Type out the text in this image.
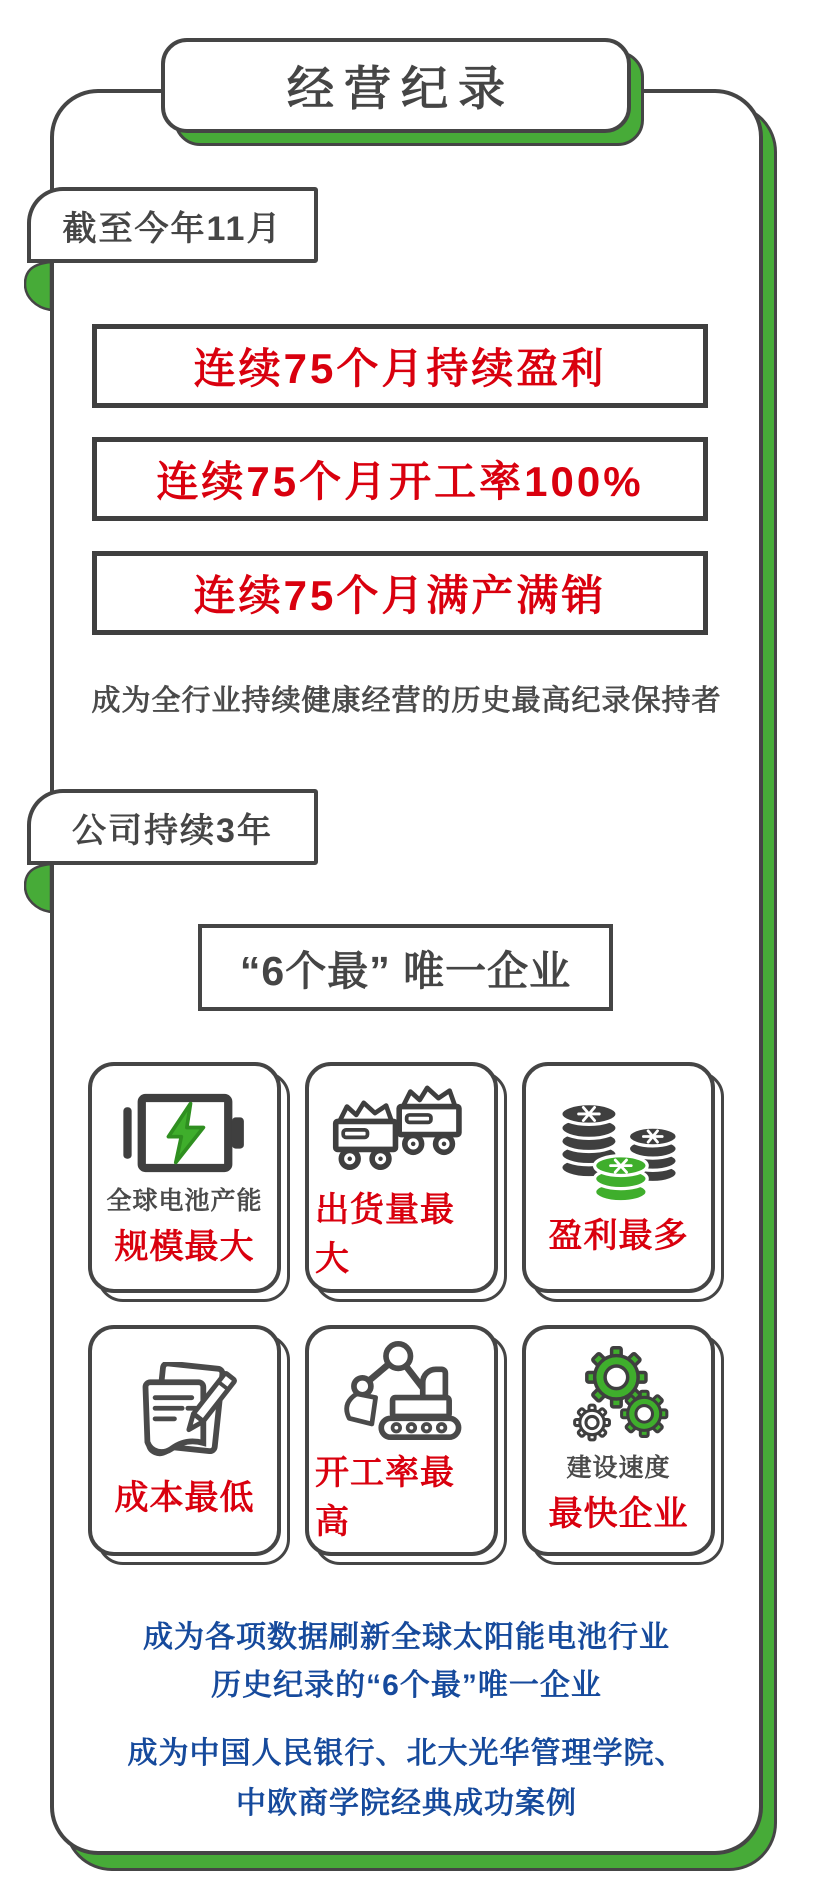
经营纪录
截至今年11月
连续75个月持续盈利
连续75个月开工率100%
连续75个月满产满销
成为全行业持续健康经营的历史最高纪录保持者
公司持续3年
“6个最” 唯一企业
全球电池产能
规模最大
出货量最大
盈利最多
成本最低
开工率最高
建设速度
最快企业
成为各项数据刷新全球太阳能电池行业
历史纪录的“6个最”唯一企业
成为中国人民银行、北大光华管理学院、
中欧商学院经典成功案例
